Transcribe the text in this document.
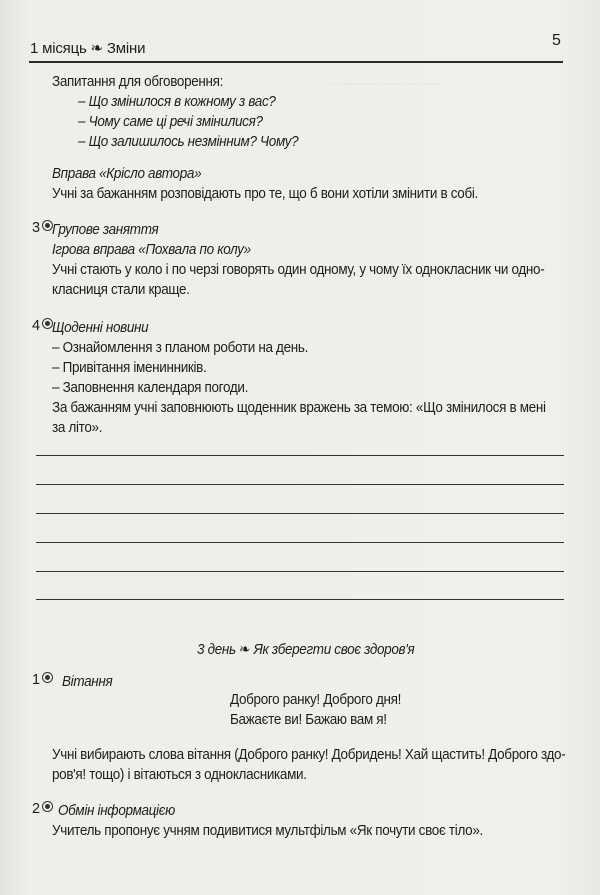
.................................
1 місяць ❧ Зміни	5
Запитання для обговорення:
– Що змінилося в кожному з вас?
– Чому саме ці речі змінилися?
– Що залишилось незмінним? Чому?
Вправа «Крісло автора»
Учні за бажанням розповідають про те, що б вони хотіли змінити в собі.
3 Групове заняття
Ігрова вправа «Похвала по колу»
Учні стають у коло і по черзі говорять один одному, у чому їх однокласник чи одно-
класниця стали краще.
4 Щоденні новини
– Ознайомлення з планом роботи на день.
– Привітання іменинників.
– Заповнення календаря погоди.
За бажанням учні заповнюють щоденник вражень за темою: «Що змінилося в мені
за літо».
3 день ❧ Як зберегти своє здоров'я
1	Вітання
Доброго ранку! Доброго дня!
Бажаєте ви! Бажаю вам я!
Учні вибирають слова вітання (Доброго ранку! Добридень! Хай щастить! Доброго здо-
ров'я! тощо) і вітаються з однокласниками.
2	Обмін інформацією
Учитель пропонує учням подивитися мультфільм «Як почути своє тіло».
